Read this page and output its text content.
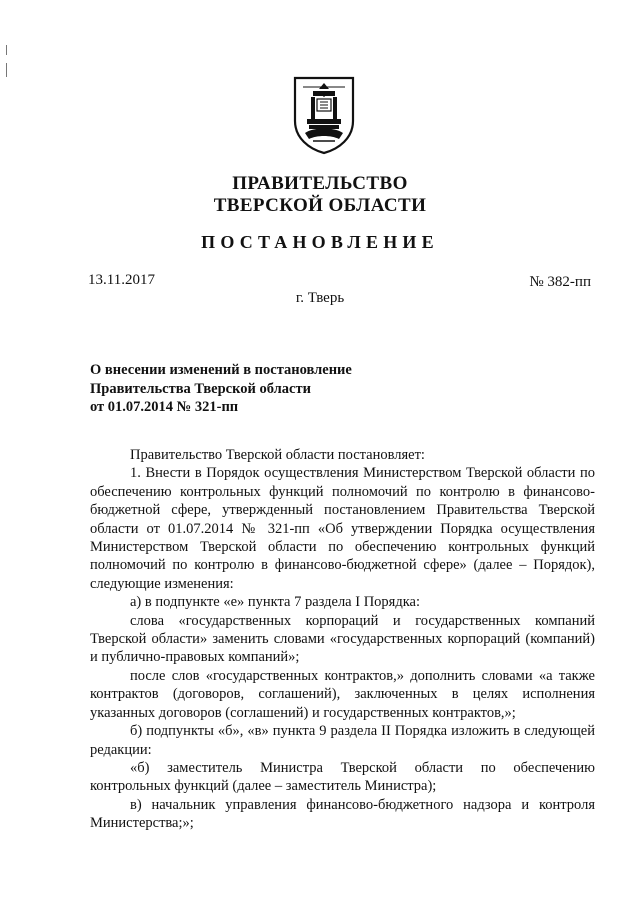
ПРАВИТЕЛЬСТВО
ТВЕРСКОЙ ОБЛАСТИ
ПОСТАНОВЛЕНИЕ
13.11.2017	№ 382-пп
г. Тверь
О внесении изменений в постановление
Правительства Тверской области
от 01.07.2014 № 321-пп

Правительство Тверской области постановляет:

1. Внести в Порядок осуществления Министерством Тверской области по обеспечению контрольных функций полномочий по контролю в финансово-бюджетной сфере, утвержденный постановлением Правительства Тверской области от 01.07.2014 № 321-пп «Об утверждении Порядка осуществления Министерством Тверской области по обеспечению контрольных функций полномочий по контролю в финансово-бюджетной сфере» (далее – Порядок), следующие изменения:

а) в подпункте «е» пункта 7 раздела I Порядка:

слова «государственных корпораций и государственных компаний Тверской области» заменить словами «государственных корпораций (компаний) и публично-правовых компаний»;

после слов «государственных контрактов,» дополнить словами «а также контрактов (договоров, соглашений), заключенных в целях исполнения указанных договоров (соглашений) и государственных контрактов,»;

б) подпункты «б», «в» пункта 9 раздела II Порядка изложить в следующей редакции:

«б) заместитель Министра Тверской области по обеспечению контрольных функций (далее – заместитель Министра);

в) начальник управления финансово-бюджетного надзора и контроля Министерства;»;
